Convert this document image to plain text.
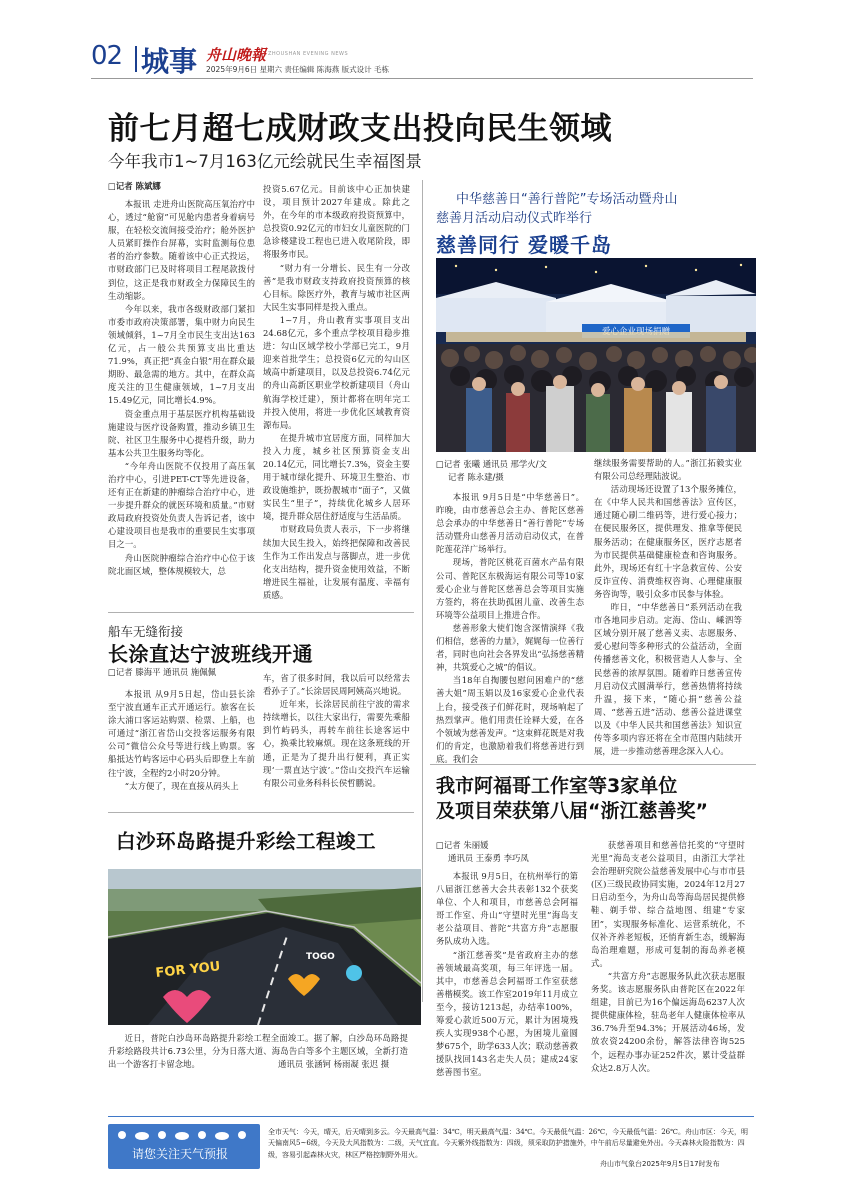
02 城事 舟山晚報 ZHOUSHAN EVENING NEWS
2025年9月6日 星期六 责任编辑 陈海燕 版式设计 毛栋
前七月超七成财政支出投向民生领域
今年我市1~7月163亿元绘就民生幸福图景
□记者 陈斌娜

本报讯 走进舟山医院高压氧治疗中心，透过“舱窗”可见舱内患者身着病号服，在轻松交流间接受治疗；舱外医护人员紧盯操作台屏幕，实时监测每位患者的治疗参数。随着该中心正式投运，市财政部门已及时将项目工程尾款拨付到位，这正是我市财政全力保障民生的生动缩影。

今年以来，我市各级财政部门紧扣市委市政府决策部署，集中财力向民生领域倾斜，1~7月全市民生支出达163亿元，占一般公共预算支出比重达71.9%，真正把“真金白银”用在群众最期盼、最急需的地方。其中，在群众高度关注的卫生健康领域，1~7月支出15.49亿元，同比增长4.9%。

资金重点用于基层医疗机构基础设施建设与医疗设备购置，推动乡镇卫生院、社区卫生服务中心提档升级，助力基本公共卫生服务均等化。

“今年舟山医院不仅投用了高压氧治疗中心，引进PET-CT等先进设备，还有正在新建的肿瘤综合治疗中心，进一步提升群众的就医环境和质量。”市财政局政府投资处负责人告诉记者，该中心建设项目也是我市的重要民生实事项目之一。

舟山医院肿瘤综合治疗中心位于该院北面区域，整体规模较大，总

投资5.67亿元。目前该中心正加快建设，项目预计2027年建成。除此之外，在今年的市本级政府投资预算中，总投资0.92亿元的市妇女儿童医院的门急诊楼建设工程也已进入收尾阶段，即将服务市民。

“财力有一分增长、民生有一分改善”是我市财政支持政府投资预算的核心目标。除医疗外，教育与城市社区两大民生实事同样是投入重点。

1~7月，舟山教育实事项目支出24.68亿元，多个重点学校项目稳步推进：勾山区域学校小学部已完工，9月迎来首批学生；总投资6亿元的勾山区域高中新建项目，以及总投资6.74亿元的舟山高新区职业学校新建项目（舟山航海学校迁建），预计都将在明年完工并投入使用，将进一步优化区域教育资源布局。

在提升城市宜居度方面，同样加大投入力度，城乡社区预算资金支出20.14亿元，同比增长7.3%，资金主要用于城市绿化提升、环境卫生整治、市政设施维护，既扮靓城市“面子”，又做实民生“里子”，持续优化城乡人居环境，提升群众居住舒适度与生活品质。

市财政局负责人表示，下一步将继续加大民生投入，始终把保障和改善民生作为工作出发点与落脚点，进一步优化支出结构，提升资金使用效益，不断增进民生福祉，让发展有温度、幸福有质感。

中华慈善日“善行普陀”专场活动暨舟山
慈善月活动启动仪式昨举行
慈善同行 爱暖千岛
□记者 张曦 通讯员 邢学火/文
记者 陈永建/摄

本报讯 9月5日是“中华慈善日”。昨晚，由市慈善总会主办、普陀区慈善总会承办的中华慈善日“善行普陀”专场活动暨舟山慈善月活动启动仪式，在普陀莲花洋广场举行。

现场，普陀区桃花百菌水产品有限公司、普陀区东极海运有限公司等10家爱心企业与普陀区慈善总会等项目实施方签约，将在扶助孤困儿童、改善生态环境等公益项目上推进合作。

慈善形象大使们饱含深情演绎《我们相信，慈善的力量》，娓娓每一位善行者，同时也向社会各界发出“弘扬慈善精神，共筑爱心之城”的倡议。

当18年自掏腰包慰问困难户的“慈善大姐”周玉娟以及16家爱心企业代表上台，接受孩子们鲜花时，现场响起了热烈掌声。他们用责任诠释大爱，在各个领域为慈善发声。“这束鲜花既是对我们的肯定，也激励着我们将慈善进行到底。我们会

继续服务需要帮助的人。”浙江拓毅实业有限公司总经理陆波说。

活动现场还设置了13个服务摊位，在《中华人民共和国慈善法》宣传区，通过随心刷二维码等，进行爱心接力；在便民服务区，提供理发、推拿等便民服务活动；在健康服务区，医疗志愿者为市民提供基础健康检查和咨询服务。此外，现场还有红十字急救宣传、公安反诈宣传、消费维权咨询、心理健康服务咨询等，吸引众多市民参与体验。

昨日，“中华慈善日”系列活动在我市各地同步启动。定海、岱山、嵊泗等区域分别开展了慈善义卖、志愿服务、爱心慰问等多种形式的公益活动，全面传播慈善文化，积极营造人人参与、全民慈善的浓厚氛围。随着昨日慈善宣传月启动仪式圆满举行，慈善热情将持续升温，接下来，“随心捐”慈善公益周、“慈善五进”活动、慈善公益进课堂以及《中华人民共和国慈善法》知识宣传等多项内容还将在全市范围内陆续开展，进一步推动慈善理念深入人心。

船车无缝衔接
长涂直达宁波班线开通
□记者 滕海平 通讯员 施佩佩

本报讯 从9月5日起，岱山县长涂至宁波直通车正式开通运行。旅客在长涂大浦口客运站购票、检票、上船，也可通过“浙江省岱山交投客运服务有限公司”微信公众号等进行线上购票。客船抵达竹屿客运中心码头后即登上车前往宁波，全程约2小时20分钟。

“太方便了，现在直接从码头上

车，省了很多时间，我以后可以经常去看孙子了。”长涂居民周阿姨高兴地说。

近年来，长涂居民前往宁波的需求持续增长，以往大家出行，需要先乘船到竹屿码头，再转车前往长途客运中心，换乘比较麻烦。现在这条班线的开通，正是为了提升出行便利，真正实现‘一票直达宁波’。”岱山交投汽车运输有限公司业务科科长侯哲鹏说。

白沙环岛路提升彩绘工程竣工
FOR YOU
TOGO

近日，普陀白沙岛环岛路提升彩绘工程全面竣工。据了解，白沙岛环岛路提升彩绘路段共计6.73公里，分为日落大道、海岛告白等多个主题区域，全新打造出一个游客打卡留念地。	通讯员 张涵钶 杨雨凝 张迟 摄
我市阿福哥工作室等3家单位
及项目荣获第八届“浙江慈善奖”
□记者 朱丽媛
通讯员 王泰勇 李巧凤

本报讯 9月5日，在杭州举行的第八届浙江慈善大会共表彰132个获奖单位、个人和项目，市慈善总会阿福哥工作室、舟山“守望时光里”海岛支老公益项目、普陀“共富方舟”志愿服务队成功入选。

“浙江慈善奖”是省政府主办的慈善领域最高奖项，每三年评选一届。其中，市慈善总会阿福哥工作室获慈善楷模奖。该工作室2019年11月成立至今，接访1213起，办结率100%，筹爱心款近500万元，累计为困境残疾人实现938个心愿，为困境儿童圆梦675个，助学633人次；联动慈善救援队找回143名走失人员；建成24家慈善图书室。

获慈善项目和慈善信托奖的“守望时光里”海岛支老公益项目，由浙江大学社会治理研究院公益慈善发展中心与市市县(区)三级民政协同实施，2024年12月27日启动至今，为舟山岛等海岛居民提供修鞋、剃手带、综合益地图、组建“专家团”，实现服务标准化、运营系统化，不仅补齐养老短板，还悄育新生态，缓解海岛治理难题，形成可复制的海岛养老模式。

“共富方舟”志愿服务队此次获志愿服务奖。该志愿服务队由普陀区在2022年组建，目前已为16个偏远海岛6237人次提供健康体检，驻岛老年人健康体检率从36.7%升至94.3%；开展活动46场，发放农资24200余份，解答法律咨询525个，远程办事办证252件次，累计受益群众达2.8万人次。

请您关注天气预报
全市天气：今天，晴天，后天晴到多云。今天最高气温：34℃，明天最高气温：34℃。今天最低气温：26℃，今天最低气温：26℃。舟山市区：今天，明天偏南风5~6级，今天及大风指数为：二级，天气宜直。今天紫外线指数为：四级，须采取防护措施外，中午前后尽量避免外出。今天森林火险指数为：四级，容易引起森林火灾，林区严格控制野外用火。
舟山市气象台2025年9月5日17时发布
